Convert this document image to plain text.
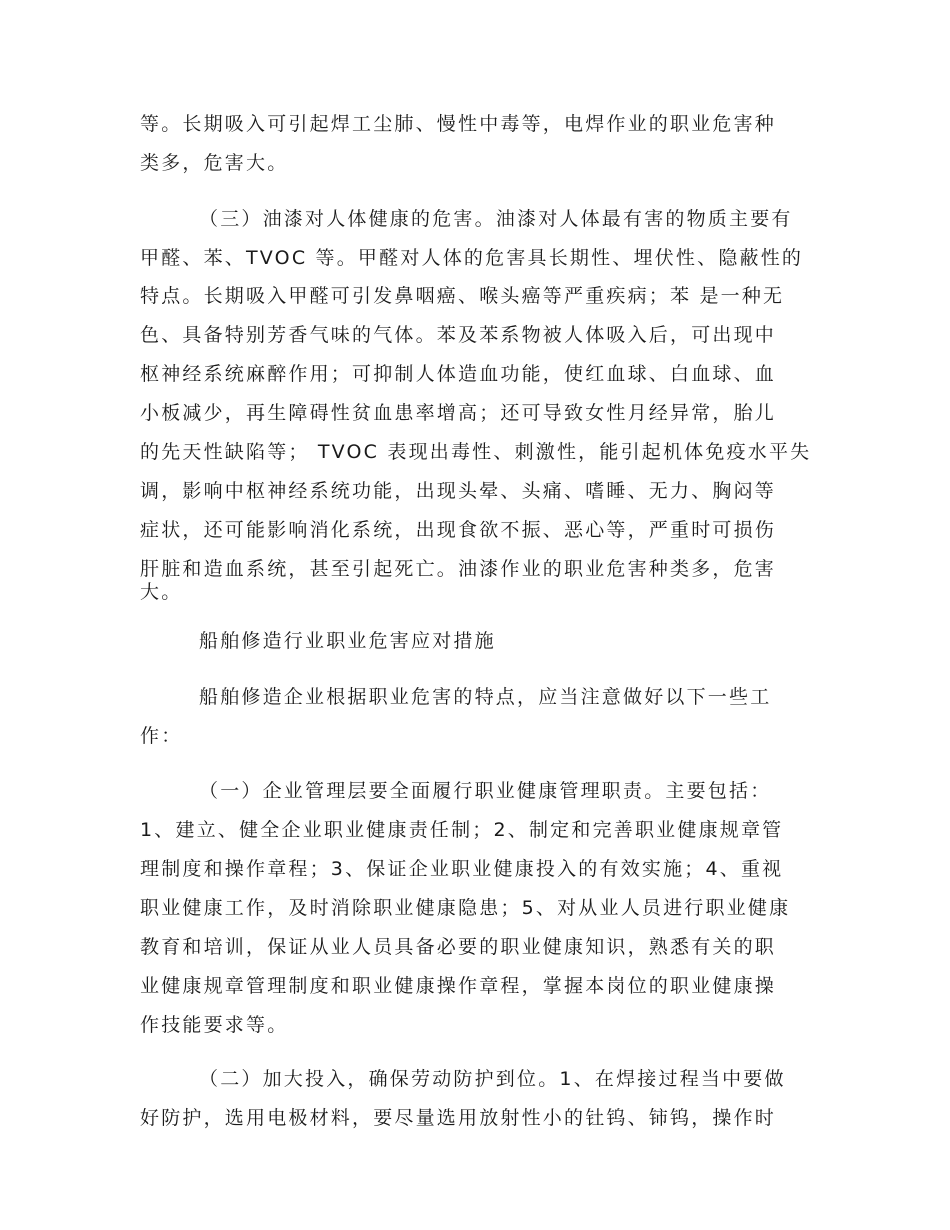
等。长期吸入可引起焊工尘肺、慢性中毒等，电焊作业的职业危害种
类多，危害大。
（三）油漆对人体健康的危害。油漆对人体最有害的物质主要有
甲醛、苯、TVOC 等。甲醛对人体的危害具长期性、埋伏性、隐蔽性的
特点。长期吸入甲醛可引发鼻咽癌、喉头癌等严重疾病；苯 是一种无
色、具备特别芳香气味的气体。苯及苯系物被人体吸入后，可出现中
枢神经系统麻醉作用；可抑制人体造血功能，使红血球、白血球、血
小板减少，再生障碍性贫血患率增高；还可导致女性月经异常，胎儿
的先天性缺陷等； TVOC 表现出毒性、刺激性，能引起机体免疫水平失
调，影响中枢神经系统功能，出现头晕、头痛、嗜睡、无力、胸闷等
症状，还可能影响消化系统，出现食欲不振、恶心等，严重时可损伤
肝脏和造血系统，甚至引起死亡。油漆作业的职业危害种类多，危害
大。
船舶修造行业职业危害应对措施
船舶修造企业根据职业危害的特点，应当注意做好以下一些工
作：
（一）企业管理层要全面履行职业健康管理职责。主要包括：
1、建立、健全企业职业健康责任制；2、制定和完善职业健康规章管
理制度和操作章程；3、保证企业职业健康投入的有效实施；4、重视
职业健康工作，及时消除职业健康隐患；5、对从业人员进行职业健康
教育和培训，保证从业人员具备必要的职业健康知识，熟悉有关的职
业健康规章管理制度和职业健康操作章程，掌握本岗位的职业健康操
作技能要求等。
（二）加大投入，确保劳动防护到位。1、在焊接过程当中要做
好防护，选用电极材料，要尽量选用放射性小的钍钨、铈钨，操作时
